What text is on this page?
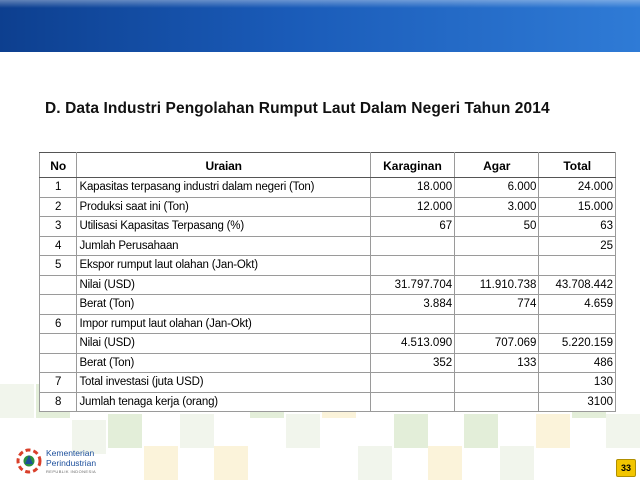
D. Data Industri Pengolahan Rumput Laut Dalam Negeri Tahun 2014
No	Uraian	Karaginan	Agar	Total
1	Kapasitas terpasang industri dalam negeri (Ton)	18.000	6.000	24.000
2	Produksi saat ini (Ton)	12.000	3.000	15.000
3	Utilisasi Kapasitas Terpasang (%)	67	50	63
4	Jumlah Perusahaan			25
5	Ekspor rumput laut olahan (Jan-Okt)			
	Nilai (USD)	31.797.704	11.910.738	43.708.442
	Berat (Ton)	3.884	774	4.659
6	Impor rumput laut olahan (Jan-Okt)			
	Nilai (USD)	4.513.090	707.069	5.220.159
	Berat (Ton)	352	133	486
7	Total investasi (juta USD)			130
8	Jumlah tenaga kerja (orang)			3100
Kementerian
Perindustrian
REPUBLIK INDONESIA	33
